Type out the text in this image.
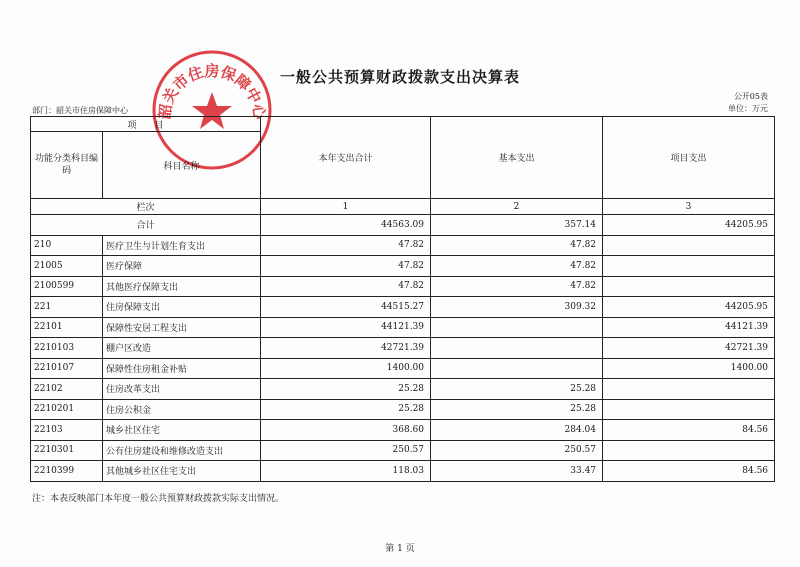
韶关市住房保障中心
一般公共预算财政拨款支出决算表
公开05表
部门：韶关市住房保障中心	单位：万元
项　　目		本年支出合计	基本支出	项目支出
功能分类科目编码	科目名称			
栏次		1	2	3
合计		44563.09	357.14	44205.95
210	医疗卫生与计划生育支出	47.82	47.82	
21005	医疗保障	47.82	47.82	
2100599	其他医疗保障支出	47.82	47.82	
221	住房保障支出	44515.27	309.32	44205.95
22101	保障性安居工程支出	44121.39		44121.39
2210103	棚户区改造	42721.39		42721.39
2210107	保障性住房租金补贴	1400.00		1400.00
22102	住房改革支出	25.28	25.28	
2210201	住房公积金	25.28	25.28	
22103	城乡社区住宅	368.60	284.04	84.56
2210301	公有住房建设和维修改造支出	250.57	250.57	
2210399	其他城乡社区住宅支出	118.03	33.47	84.56
注：本表反映部门本年度一般公共预算财政拨款实际支出情况。
第 1 页
